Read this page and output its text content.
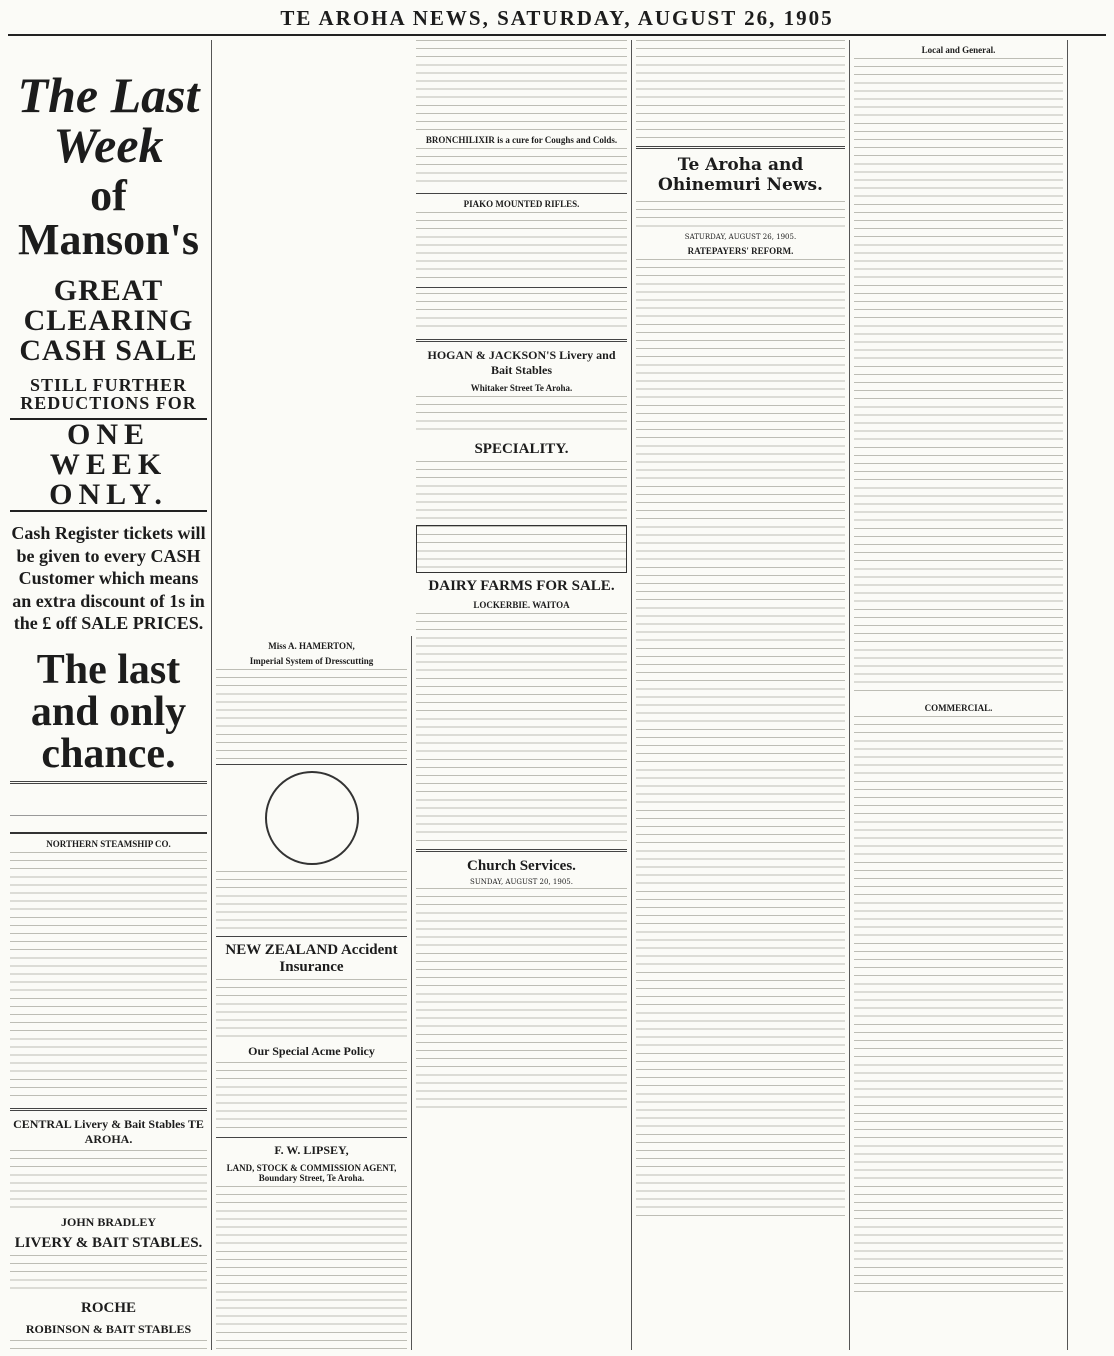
TE AROHA NEWS, SATURDAY, AUGUST 26, 1905
The Last Week
of Manson's
GREAT CLEARING CASH SALE
STILL FURTHER REDUCTIONS FOR
ONE WEEK ONLY.
Cash Register tickets will be given to every CASH Customer which means an extra discount of 1s in the £ off SALE PRICES.
The last and only chance.
NORTHERN STEAMSHIP CO.
CENTRAL Livery & Bait Stables TE AROHA.
JOHN BRADLEY
LIVERY & BAIT STABLES.
ROCHE
ROBINSON & BAIT STABLES
Miss A. HAMERTON,
Imperial System of Dresscutting
NEW ZEALAND Accident Insurance
Our Special Acme Policy
F. W. LIPSEY,
LAND, STOCK & COMMISSION AGENT, Boundary Street, Te Aroha.
BRONCHILIXIR is a cure for Coughs and Colds.
PIAKO MOUNTED RIFLES.
HOGAN & JACKSON'S Livery and Bait Stables
Whitaker Street Te Aroha.
SPECIALITY.
DAIRY FARMS FOR SALE.
LOCKERBIE. WAITOA
Church Services.
SUNDAY, AUGUST 20, 1905.
Te Aroha and Ohinemuri News.
SATURDAY, AUGUST 26, 1905.
RATEPAYERS' REFORM.
Local and General.
COMMERCIAL.
